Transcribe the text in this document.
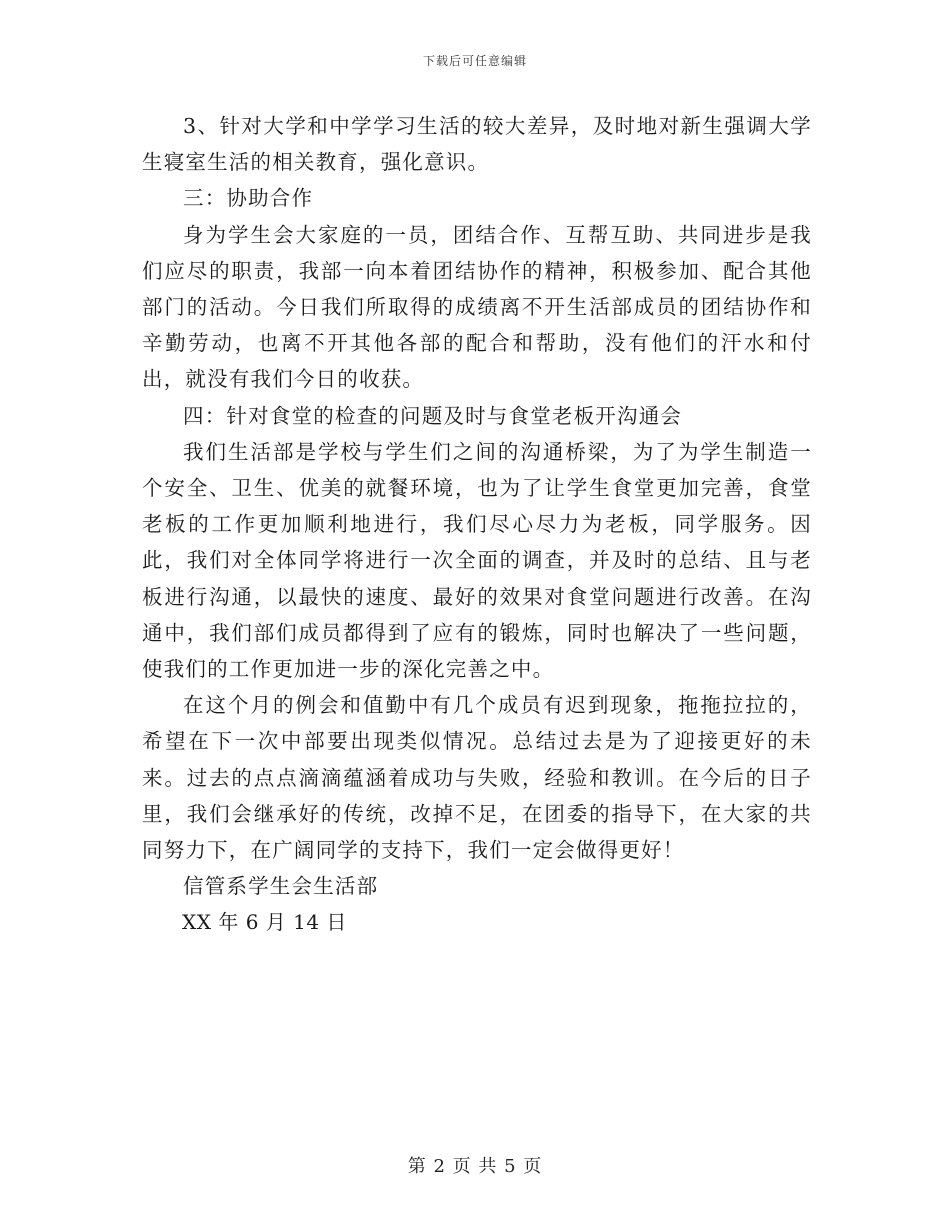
下载后可任意编辑

3、针对大学和中学学习生活的较大差异，及时地对新生强调大学生寝室生活的相关教育，强化意识。

三：协助合作

身为学生会大家庭的一员，团结合作、互帮互助、共同进步是我们应尽的职责，我部一向本着团结协作的精神，积极参加、配合其他部门的活动。今日我们所取得的成绩离不开生活部成员的团结协作和辛勤劳动，也离不开其他各部的配合和帮助，没有他们的汗水和付出，就没有我们今日的收获。

四：针对食堂的检查的问题及时与食堂老板开沟通会

我们生活部是学校与学生们之间的沟通桥梁，为了为学生制造一个安全、卫生、优美的就餐环境，也为了让学生食堂更加完善，食堂老板的工作更加顺利地进行，我们尽心尽力为老板，同学服务。因此，我们对全体同学将进行一次全面的调查，并及时的总结、且与老板进行沟通，以最快的速度、最好的效果对食堂问题进行改善。在沟通中，我们部们成员都得到了应有的锻炼，同时也解决了一些问题，使我们的工作更加进一步的深化完善之中。

在这个月的例会和值勤中有几个成员有迟到现象，拖拖拉拉的，希望在下一次中部要出现类似情况。总结过去是为了迎接更好的未来。过去的点点滴滴蕴涵着成功与失败，经验和教训。在今后的日子里，我们会继承好的传统，改掉不足，在团委的指导下，在大家的共同努力下，在广阔同学的支持下，我们一定会做得更好！

信管系学生会生活部

XX 年 6 月 14 日

第 2 页 共 5 页
